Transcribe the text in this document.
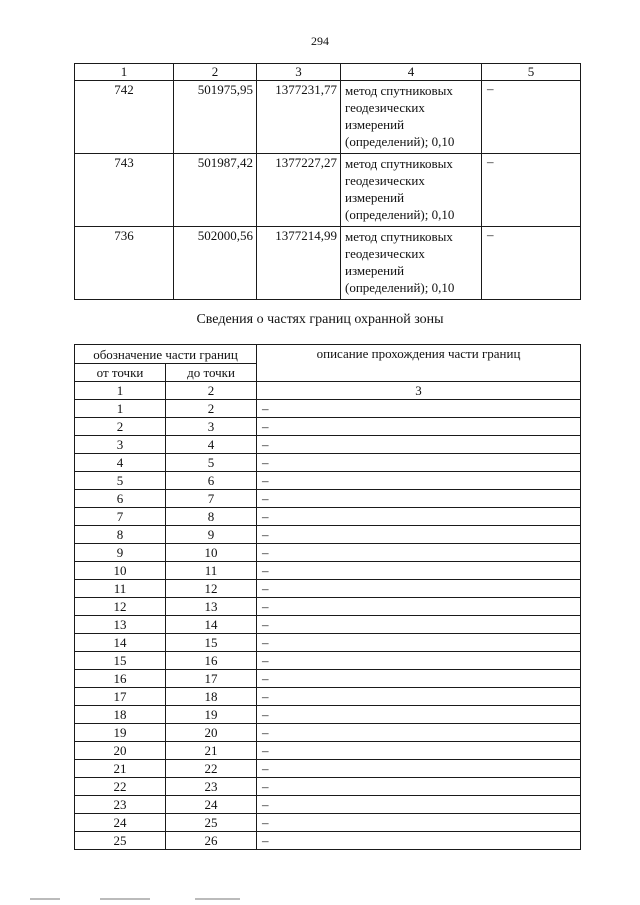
294
1	2	3	4	5
742	501975,95	1377231,77	метод спутниковых
геодезических
измерений
(определений); 0,10	–
743	501987,42	1377227,27	метод спутниковых
геодезических
измерений
(определений); 0,10	–
736	502000,56	1377214,99	метод спутниковых
геодезических
измерений
(определений); 0,10	–
Сведения о частях границ охранной зоны
обозначение части границ		описание прохождения части границ
от точки	до точки	
1	2	3
1	2	–
2	3	–
3	4	–
4	5	–
5	6	–
6	7	–
7	8	–
8	9	–
9	10	–
10	11	–
11	12	–
12	13	–
13	14	–
14	15	–
15	16	–
16	17	–
17	18	–
18	19	–
19	20	–
20	21	–
21	22	–
22	23	–
23	24	–
24	25	–
25	26	–
